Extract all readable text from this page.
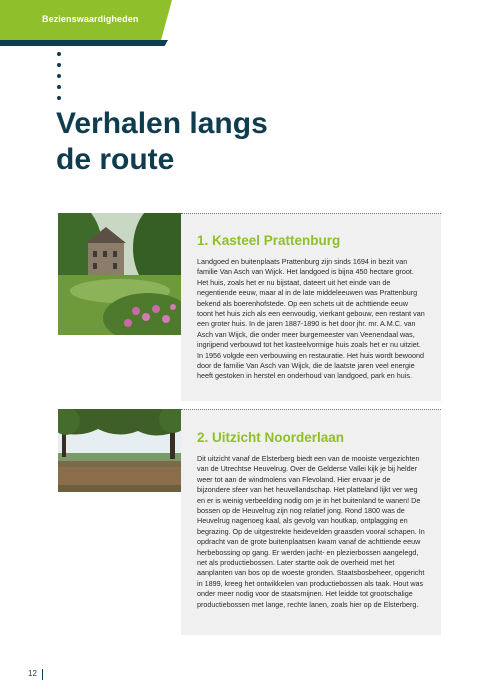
Bezienswaardigheden
Verhalen langs
de route
1. Kasteel Prattenburg

Landgoed en buitenplaats Prattenburg zijn sinds 1694 in bezit van familie Van Asch van Wijck. Het landgoed is bijna 450 hectare groot. Het huis, zoals het er nu bijstaat, dateert uit het einde van de negentiende eeuw, maar al in de late middeleeuwen was Prattenburg bekend als boerenhofstede. Op een schets uit de achttiende eeuw toont het huis zich als een eenvoudig, vierkant gebouw, een restant van een groter huis. In de jaren 1887-1890 is het door jhr. mr. A.M.C. van Asch van Wijck, die onder meer burgemeester van Veenendaal was, ingrijpend verbouwd tot het kasteelvormige huis zoals het er nu uitziet. In 1956 volgde een verbouwing en restauratie. Het huis wordt bewoond door de familie Van Asch van Wijck, die de laatste jaren veel energie heeft gestoken in herstel en onderhoud van landgoed, park en huis.

2. Uitzicht Noorderlaan

Dit uitzicht vanaf de Elsterberg biedt een van de mooiste vergezichten van de Utrechtse Heuvelrug. Over de Gelderse Vallei kijk je bij helder weer tot aan de windmolens van Flevoland. Hier ervaar je de bijzondere sfeer van het heuvellandschap. Het platteland lijkt ver weg en er is weinig verbeelding nodig om je in het buitenland te wanen! De bossen op de Heuvelrug zijn nog relatief jong. Rond 1800 was de Heuvelrug nagenoeg kaal, als gevolg van houtkap, ontplagging en begrazing. Op de uitgestrekte heidevelden graasden vooral schapen. In opdracht van de grote buitenplaatsen kwam vanaf de achttiende eeuw herbebossing op gang. Er werden jacht- en plezierbossen aangelegd, net als productiebossen. Later startte ook de overheid met het aanplanten van bos op de woeste gronden. Staatsbosbeheer, opgericht in 1899, kreeg het ontwikkelen van productiebossen als taak. Hout was onder meer nodig voor de staatsmijnen. Het leidde tot grootschalige productiebossen met lange, rechte lanen, zoals hier op de Elsterberg.

12
